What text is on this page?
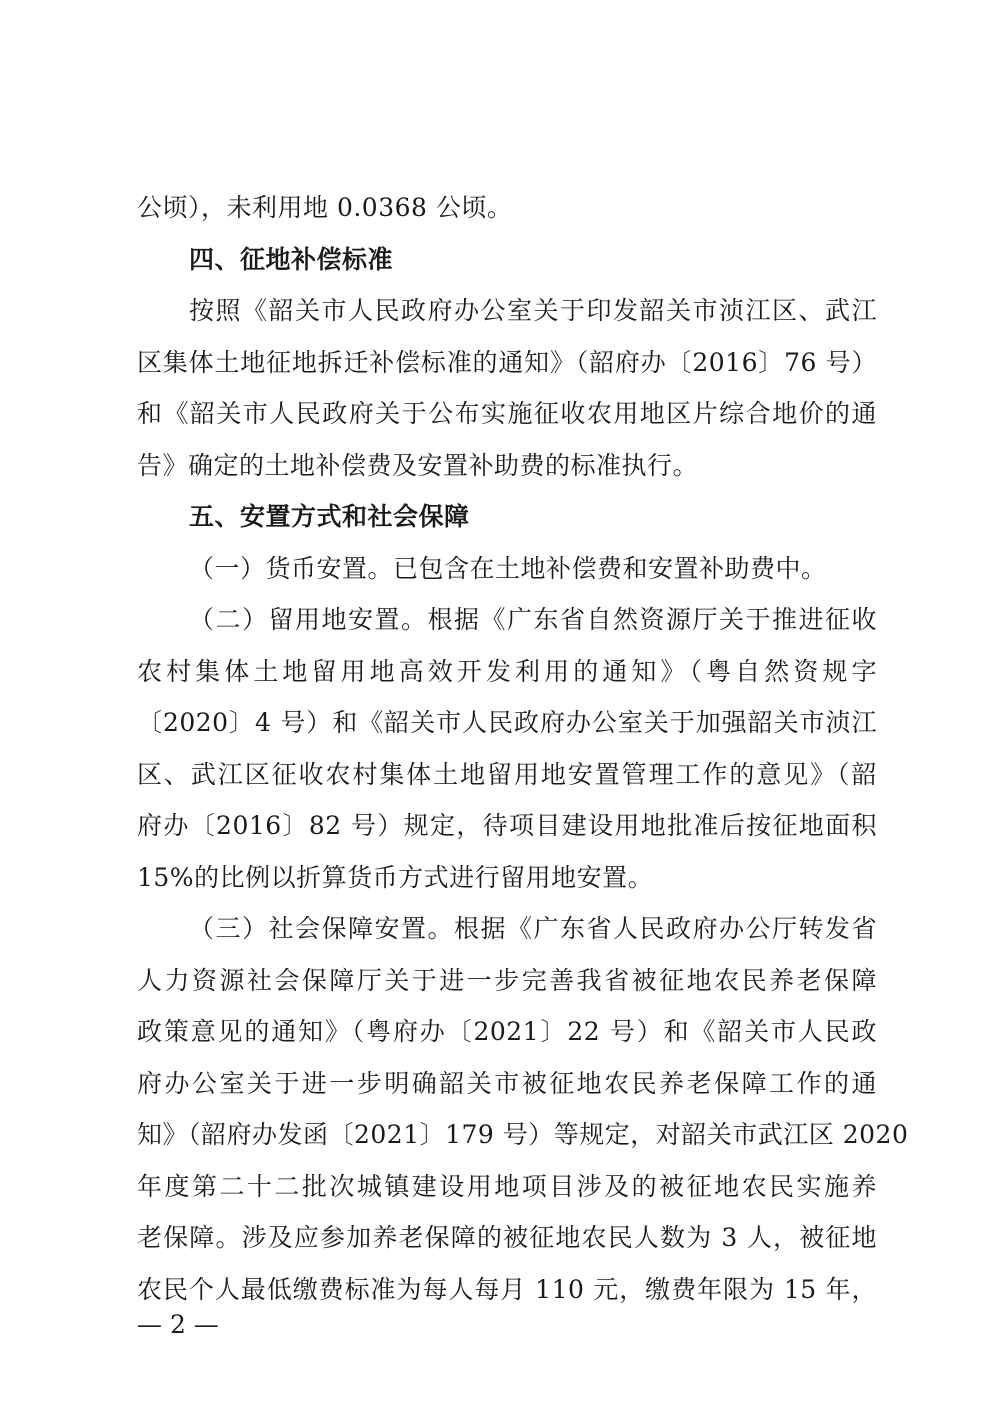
公顷），未利用地 0.0368 公顷。
四、征地补偿标准
按照《韶关市人民政府办公室关于印发韶关市浈江区、武江
区集体土地征地拆迁补偿标准的通知》（韶府办〔2016〕76 号）
和《韶关市人民政府关于公布实施征收农用地区片综合地价的通
告》确定的土地补偿费及安置补助费的标准执行。
五、安置方式和社会保障
（一）货币安置。已包含在土地补偿费和安置补助费中。
（二）留用地安置。根据《广东省自然资源厅关于推进征收
农村集体土地留用地高效开发利用的通知》（粤自然资规字
〔2020〕4 号）和《韶关市人民政府办公室关于加强韶关市浈江
区、武江区征收农村集体土地留用地安置管理工作的意见》（韶
府办〔2016〕82 号）规定，待项目建设用地批准后按征地面积
15%的比例以折算货币方式进行留用地安置。
（三）社会保障安置。根据《广东省人民政府办公厅转发省
人力资源社会保障厅关于进一步完善我省被征地农民养老保障
政策意见的通知》（粤府办〔2021〕22 号）和《韶关市人民政
府办公室关于进一步明确韶关市被征地农民养老保障工作的通
知》（韶府办发函〔2021〕179 号）等规定，对韶关市武江区 2020
年度第二十二批次城镇建设用地项目涉及的被征地农民实施养
老保障。涉及应参加养老保障的被征地农民人数为 3 人，被征地
农民个人最低缴费标准为每人每月 110 元，缴费年限为 15 年，
— 2 —
